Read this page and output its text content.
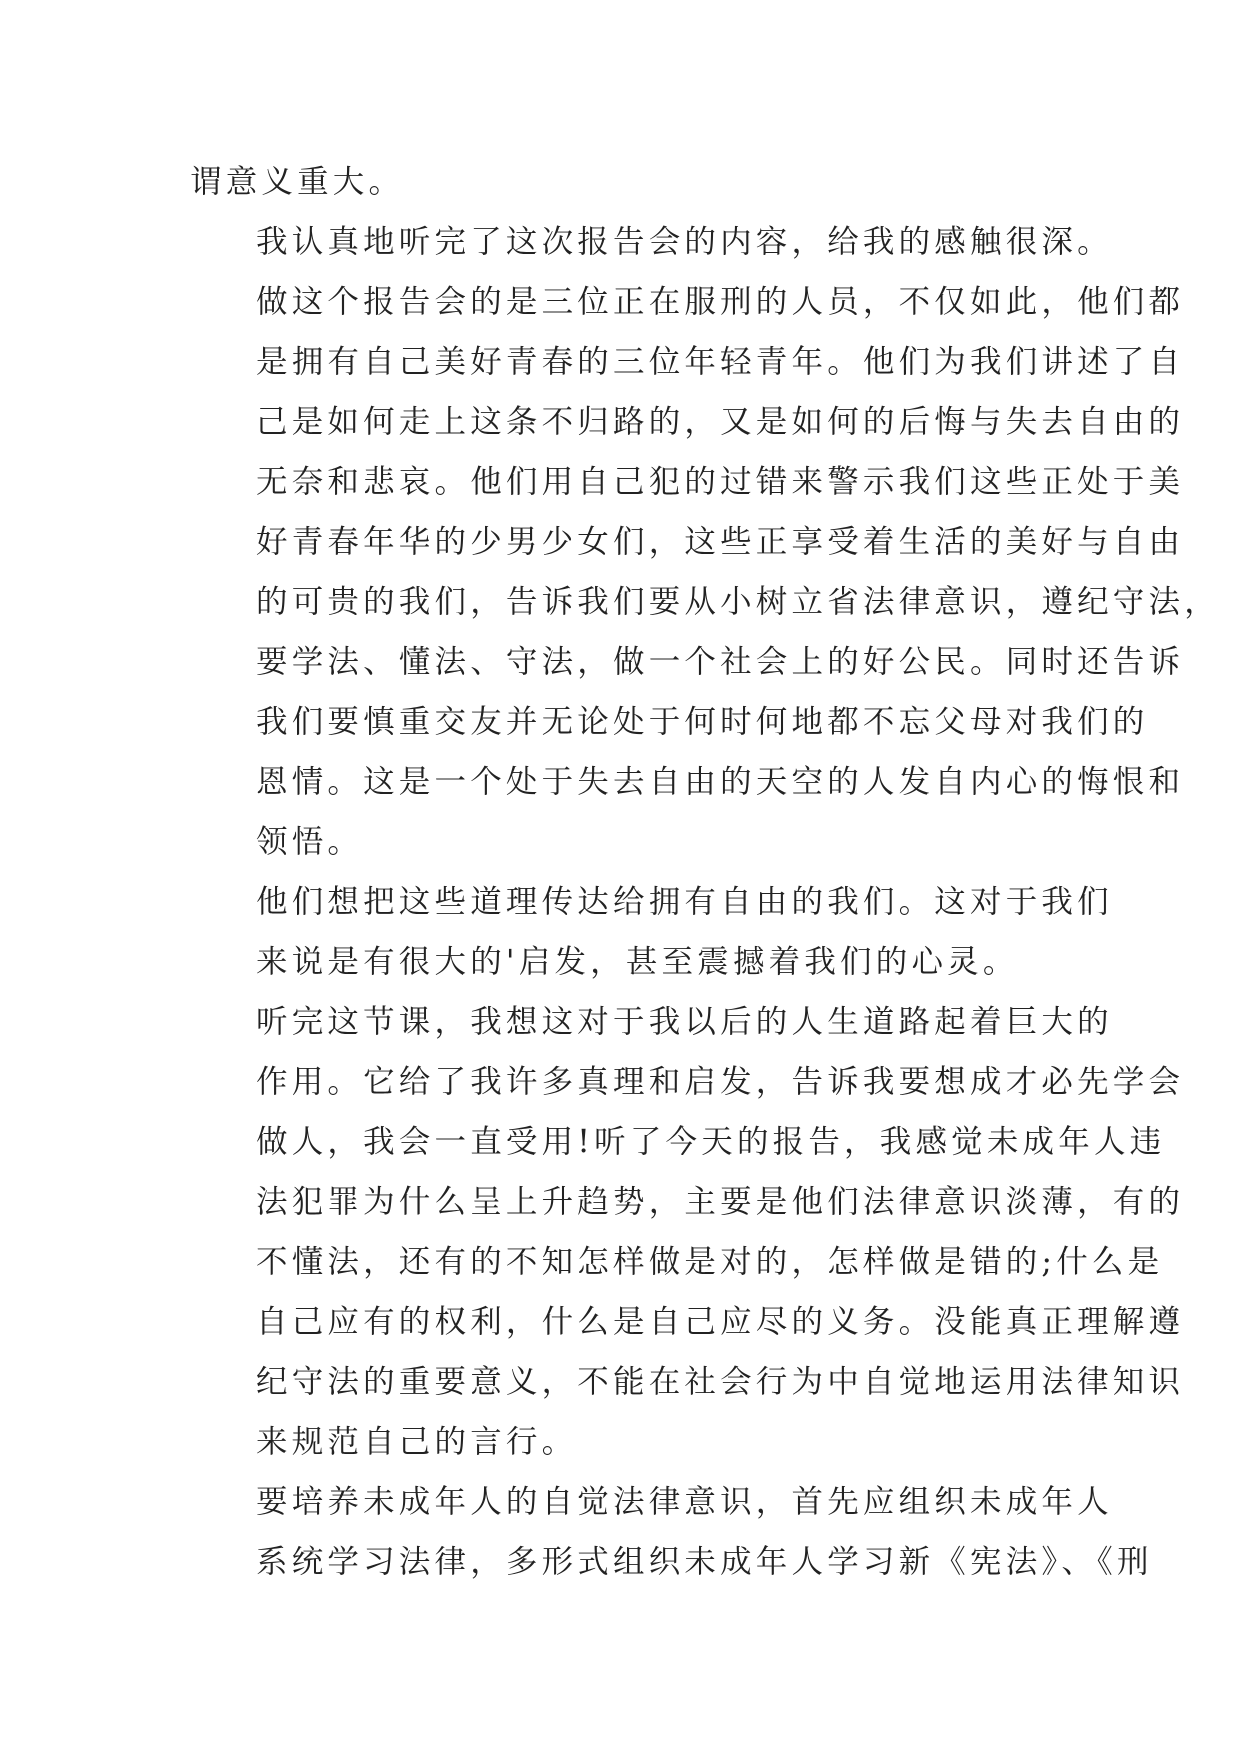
谓意义重大。

我认真地听完了这次报告会的内容，给我的感触很深。
做这个报告会的是三位正在服刑的人员，不仅如此，他们都
是拥有自己美好青春的三位年轻青年。他们为我们讲述了自
己是如何走上这条不归路的，又是如何的后悔与失去自由的
无奈和悲哀。他们用自己犯的过错来警示我们这些正处于美
好青春年华的少男少女们，这些正享受着生活的美好与自由
的可贵的我们，告诉我们要从小树立省法律意识，遵纪守法，
要学法、懂法、守法，做一个社会上的好公民。同时还告诉
我们要慎重交友并无论处于何时何地都不忘父母对我们的
恩情。这是一个处于失去自由的天空的人发自内心的悔恨和
领悟。

他们想把这些道理传达给拥有自由的我们。这对于我们
来说是有很大的'启发，甚至震撼着我们的心灵。

听完这节课，我想这对于我以后的人生道路起着巨大的
作用。它给了我许多真理和启发，告诉我要想成才必先学会
做人，我会一直受用!听了今天的报告，我感觉未成年人违
法犯罪为什么呈上升趋势，主要是他们法律意识淡薄，有的
不懂法，还有的不知怎样做是对的，怎样做是错的;什么是
自己应有的权利，什么是自己应尽的义务。没能真正理解遵
纪守法的重要意义，不能在社会行为中自觉地运用法律知识
来规范自己的言行。

要培养未成年人的自觉法律意识，首先应组织未成年人
系统学习法律，多形式组织未成年人学习新《宪法》、《刑
